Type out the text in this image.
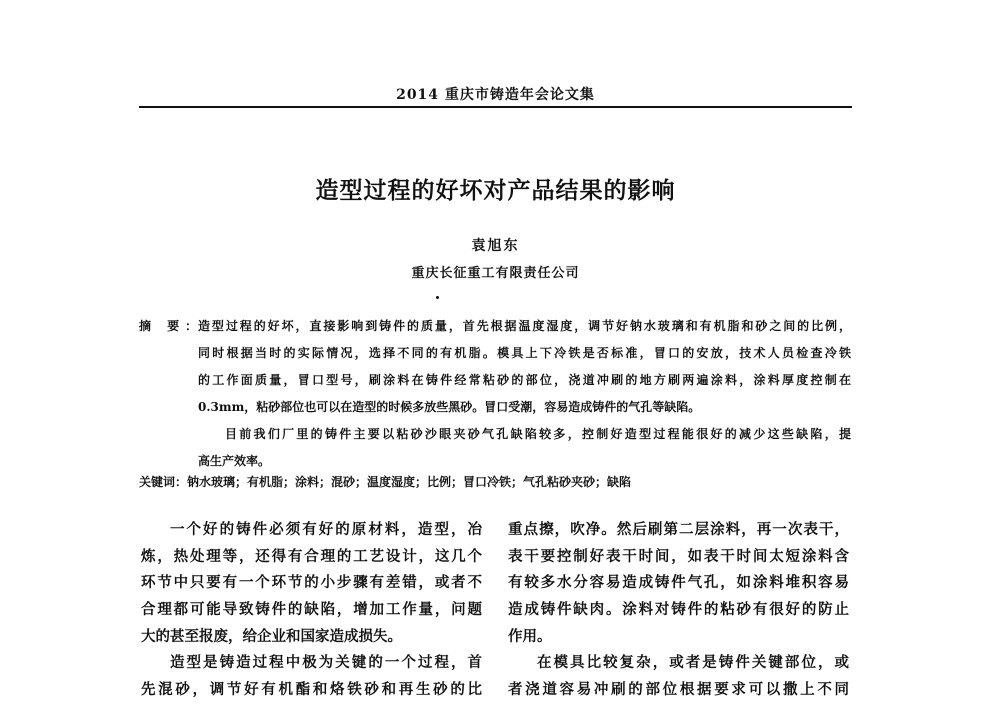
2014 重庆市铸造年会论文集
造型过程的好坏对产品结果的影响
袁旭东
重庆长征重工有限责任公司
摘 要：
造型过程的好坏，直接影响到铸件的质量，首先根据温度湿度，调节好钠水玻璃和有机脂和砂之间的比例，
同时根据当时的实际情况，选择不同的有机脂。模具上下冷铁是否标准，冒口的安放，技术人员检查冷铁
的工作面质量，冒口型号，刷涂料在铸件经常粘砂的部位，浇道冲刷的地方刷两遍涂料，涂料厚度控制在
0.3mm，粘砂部位也可以在造型的时候多放些黑砂。冒口受潮，容易造成铸件的气孔等缺陷。
目前我们厂里的铸件主要以粘砂沙眼夹砂气孔缺陷较多，控制好造型过程能很好的减少这些缺陷，提
高生产效率。
关键词：钠水玻璃；有机脂；涂料；混砂；温度湿度；比例；冒口冷铁；气孔粘砂夹砂；缺陷
一个好的铸件必须有好的原材料，造型，冶
炼，热处理等，还得有合理的工艺设计，这几个
环节中只要有一个环节的小步骤有差错，或者不
合理都可能导致铸件的缺陷，增加工作量，问题
大的甚至报废，给企业和国家造成损失。
造型是铸造过程中极为关键的一个过程，首
先混砂，调节好有机酯和烙铁砂和再生砂的比
重点擦，吹净。然后刷第二层涂料，再一次表干，
表干要控制好表干时间，如表干时间太短涂料含
有较多水分容易造成铸件气孔，如涂料堆积容易
造成铸件缺肉。涂料对铸件的粘砂有很好的防止
作用。
在模具比较复杂，或者是铸件关键部位，或
者浇道容易冲刷的部位根据要求可以撒上不同
